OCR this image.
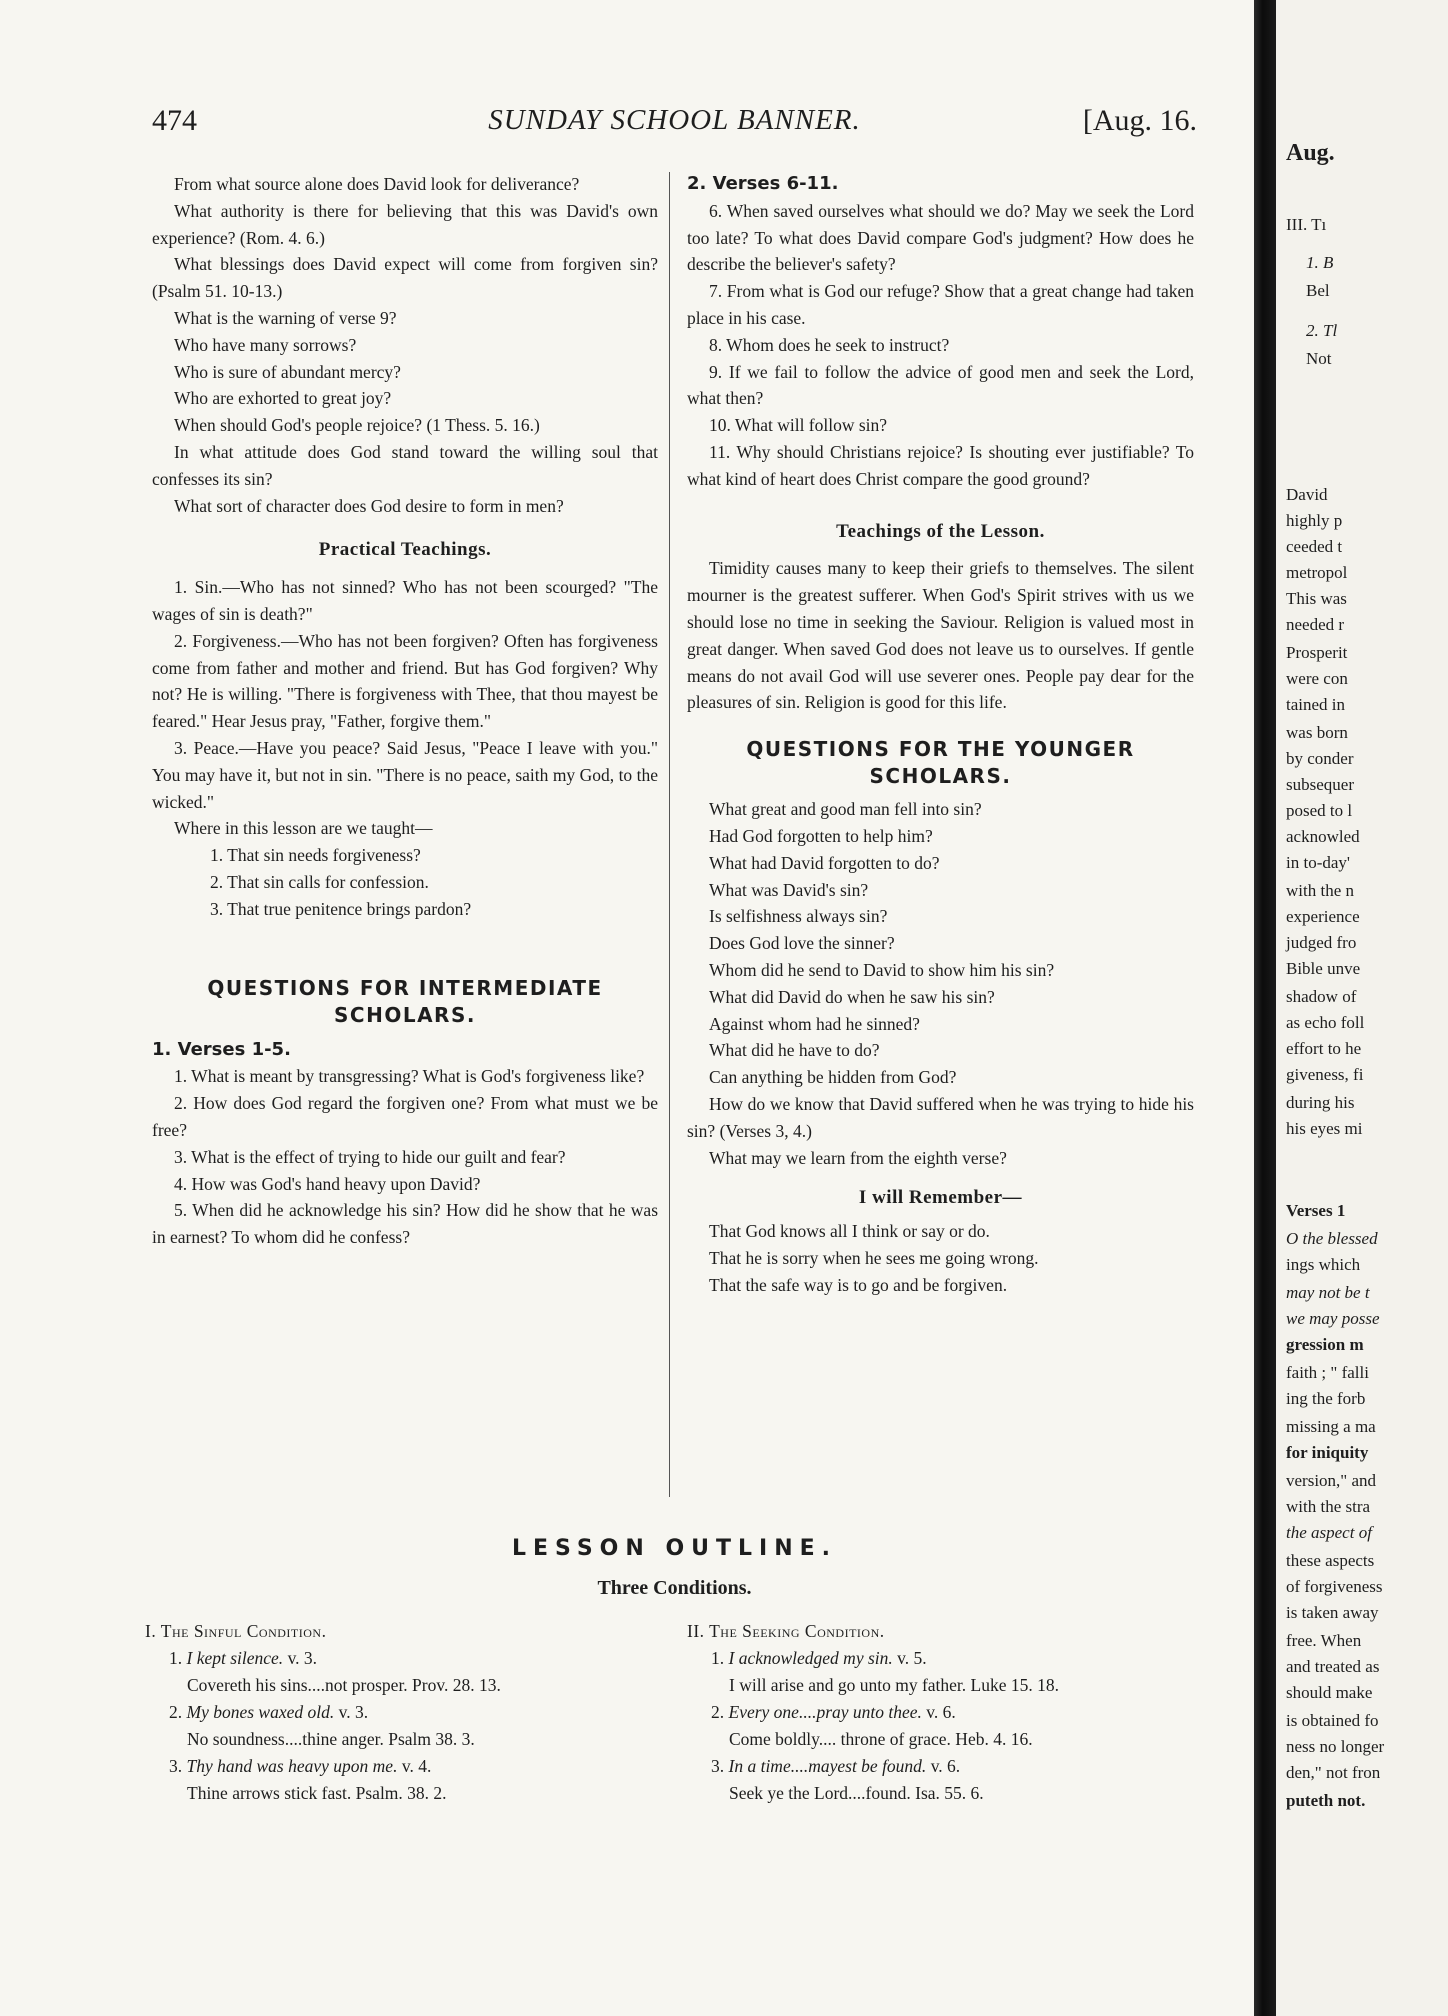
474	SUNDAY SCHOOL BANNER.	[Aug. 16.

From what source alone does David look for deliverance?

What authority is there for believing that this was David's own experience? (Rom. 4. 6.)

What blessings does David expect will come from forgiven sin? (Psalm 51. 10-13.)

What is the warning of verse 9?

Who have many sorrows?

Who is sure of abundant mercy?

Who are exhorted to great joy?

When should God's people rejoice? (1 Thess. 5. 16.)

In what attitude does God stand toward the willing soul that confesses its sin?

What sort of character does God desire to form in men?

Practical Teachings.

1. Sin.—Who has not sinned? Who has not been scourged? "The wages of sin is death?"

2. Forgiveness.—Who has not been forgiven? Often has forgiveness come from father and mother and friend. But has God forgiven? Why not? He is willing. "There is forgiveness with Thee, that thou mayest be feared." Hear Jesus pray, "Father, forgive them."

3. Peace.—Have you peace? Said Jesus, "Peace I leave with you." You may have it, but not in sin. "There is no peace, saith my God, to the wicked."

Where in this lesson are we taught—

1. That sin needs forgiveness?

2. That sin calls for confession.

3. That true penitence brings pardon?

QUESTIONS FOR INTERMEDIATE
SCHOLARS.

1. Verses 1-5.

1. What is meant by transgressing? What is God's forgiveness like?

2. How does God regard the forgiven one? From what must we be free?

3. What is the effect of trying to hide our guilt and fear?

4. How was God's hand heavy upon David?

5. When did he acknowledge his sin? How did he show that he was in earnest? To whom did he confess?

2. Verses 6-11.

6. When saved ourselves what should we do? May we seek the Lord too late? To what does David compare God's judgment? How does he describe the believer's safety?

7. From what is God our refuge? Show that a great change had taken place in his case.

8. Whom does he seek to instruct?

9. If we fail to follow the advice of good men and seek the Lord, what then?

10. What will follow sin?

11. Why should Christians rejoice? Is shouting ever justifiable? To what kind of heart does Christ compare the good ground?

Teachings of the Lesson.

Timidity causes many to keep their griefs to themselves. The silent mourner is the greatest sufferer. When God's Spirit strives with us we should lose no time in seeking the Saviour. Religion is valued most in great danger. When saved God does not leave us to ourselves. If gentle means do not avail God will use severer ones. People pay dear for the pleasures of sin. Religion is good for this life.

QUESTIONS FOR THE YOUNGER
SCHOLARS.

What great and good man fell into sin?

Had God forgotten to help him?

What had David forgotten to do?

What was David's sin?

Is selfishness always sin?

Does God love the sinner?

Whom did he send to David to show him his sin?

What did David do when he saw his sin?

Against whom had he sinned?

What did he have to do?

Can anything be hidden from God?

How do we know that David suffered when he was trying to hide his sin? (Verses 3, 4.)

What may we learn from the eighth verse?

I will Remember—

That God knows all I think or say or do.

That he is sorry when he sees me going wrong.

That the safe way is to go and be forgiven.

LESSON OUTLINE.
Three Conditions.

I. The Sinful Condition.

1. I kept silence. v. 3.

Covereth his sins....not prosper. Prov. 28. 13.

2. My bones waxed old. v. 3.

No soundness....thine anger. Psalm 38. 3.

3. Thy hand was heavy upon me. v. 4.

Thine arrows stick fast. Psalm. 38. 2.

II. The Seeking Condition.

1. I acknowledged my sin. v. 5.

I will arise and go unto my father. Luke 15. 18.

2. Every one....pray unto thee. v. 6.

Come boldly.... throne of grace. Heb. 4. 16.

3. In a time....mayest be found. v. 6.

Seek ye the Lord....found. Isa. 55. 6.

Aug.
III. Tı
1. B
Bel
2. Tl
Not
David
highly p
ceeded t
metropol
This was
needed r
Prosperit
were con
tained in
was born
by conder
subsequer
posed to l
acknowled
in to-day'
with the n
experience
judged fro
Bible unve
shadow of
as echo foll
effort to he
giveness, fi
during his
his eyes mi
Verses 1
O the blessed
ings which
may not be t
we may posse
gression m
faith ; " falli
ing the forb
missing a ma
for iniquity
version," and
with the stra
the aspect of
these aspects
of forgiveness
is taken away
free. When
and treated as
should make
is obtained fo
ness no longer
den," not fron
puteth not.
